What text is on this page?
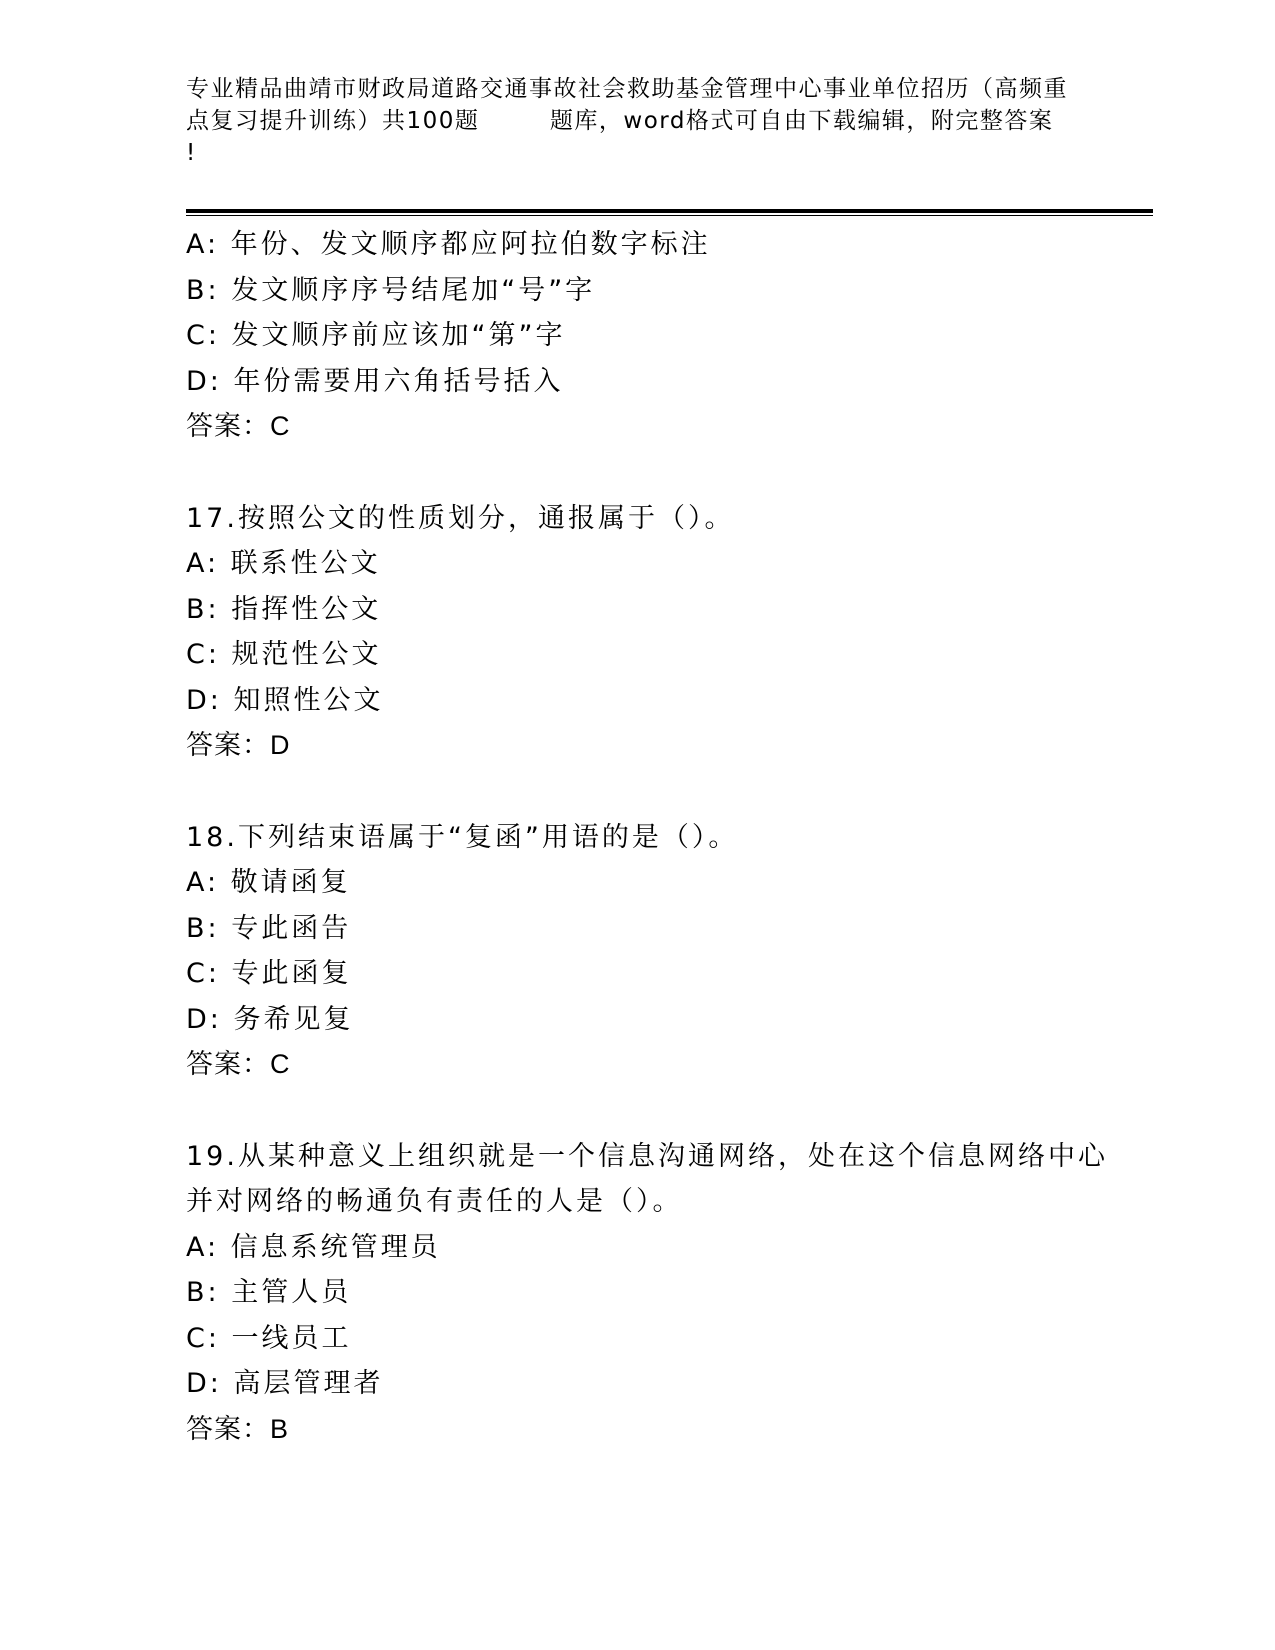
专业精品曲靖市财政局道路交通事故社会救助基金管理中心事业单位招历（高频重
点复习提升训练）共100题        题库，word格式可自由下载编辑，附完整答案
!
A: 年份、发文顺序都应阿拉伯数字标注
B: 发文顺序序号结尾加“号”字
C: 发文顺序前应该加“第”字
D: 年份需要用六角括号括入
答案：C
17.按照公文的性质划分，通报属于（）。
A: 联系性公文
B: 指挥性公文
C: 规范性公文
D: 知照性公文
答案：D
18.下列结束语属于“复函”用语的是（）。
A: 敬请函复
B: 专此函告
C: 专此函复
D: 务希见复
答案：C
19.从某种意义上组织就是一个信息沟通网络，处在这个信息网络中心
并对网络的畅通负有责任的人是（）。
A: 信息系统管理员
B: 主管人员
C: 一线员工
D: 高层管理者
答案：B
